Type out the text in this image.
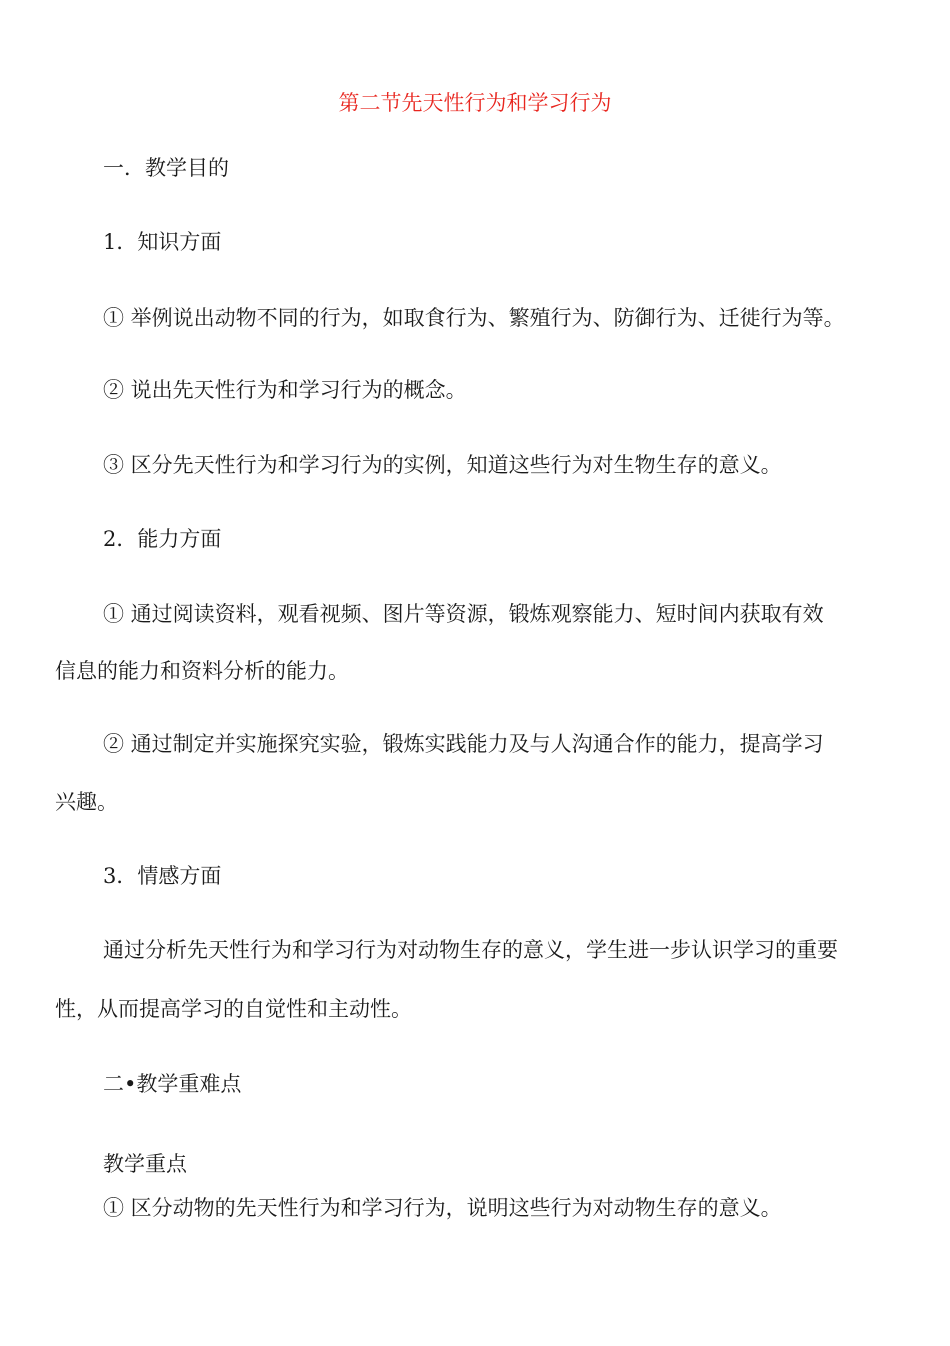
第二节先天性行为和学习行为
一．教学目的
1．知识方面
① 举例说出动物不同的行为，如取食行为、繁殖行为、防御行为、迁徙行为等。
② 说出先天性行为和学习行为的概念。
③ 区分先天性行为和学习行为的实例，知道这些行为对生物生存的意义。
2．能力方面
① 通过阅读资料，观看视频、图片等资源，锻炼观察能力、短时间内获取有效
信息的能力和资料分析的能力。
② 通过制定并实施探究实验，锻炼实践能力及与人沟通合作的能力，提高学习
兴趣。
3．情感方面
通过分析先天性行为和学习行为对动物生存的意义，学生进一步认识学习的重要
性，从而提高学习的自觉性和主动性。
二•教学重难点
教学重点
① 区分动物的先天性行为和学习行为，说明这些行为对动物生存的意义。
